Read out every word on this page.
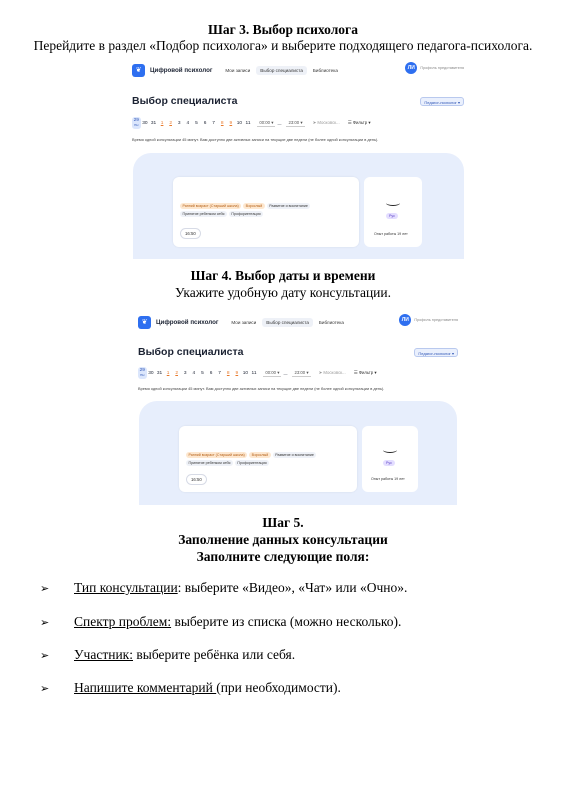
Шаг 3. Выбор психолога
Перейдите в раздел «Подбор психолога» и выберите подходящего педагога-психолога.
❦	Цифровой психолог	Мои записи	Выбор специалиста	Библиотека	ЛИ	Профиль представителя
Выбор специалиста	Педагог-психолог ▾
29
ПН 30 31 1	2	3	4	5	6	7	8	9 10 11	00:00 ▾	—	23:00 ▾	➤ Московск... ☰ Фильтр ▾
Время одной консультации 45 минут. Вам доступно две активных записи на текущие две недели (не более одной консультации в день).
Ранний возраст (Старший школа)	Взрослый	Развитие и воспитание
Принятие ребенком себя	Профориентация
16:50
Рус
Опыт работы 19 лет
Шаг 4. Выбор даты и времени
Укажите удобную дату консультации.
❦	Цифровой психолог	Мои записи	Выбор специалиста	Библиотека	ЛИ	Профиль представителя
Выбор специалиста	Педагог-психолог ▾
29
ПН 30 31 1	2	3	4	5	6	7	8	9 10 11	00:00 ▾	—	23:00 ▾	➤ Московск... ☰ Фильтр ▾
Время одной консультации 45 минут. Вам доступно две активных записи на текущие две недели (не более одной консультации в день).
Ранний возраст (Старший школа)	Взрослый	Развитие и воспитание
Принятие ребенком себя	Профориентация
16:50
Рус
Опыт работы 19 лет
Шаг 5.
Заполнение данных консультации
Заполните следующие поля:
➢	Тип консультации: выберите «Видео», «Чат» или «Очно».
➢	Спектр проблем: выберите из списка (можно несколько).
➢	Участник: выберите ребёнка или себя.
➢	Напишите комментарий (при необходимости).
